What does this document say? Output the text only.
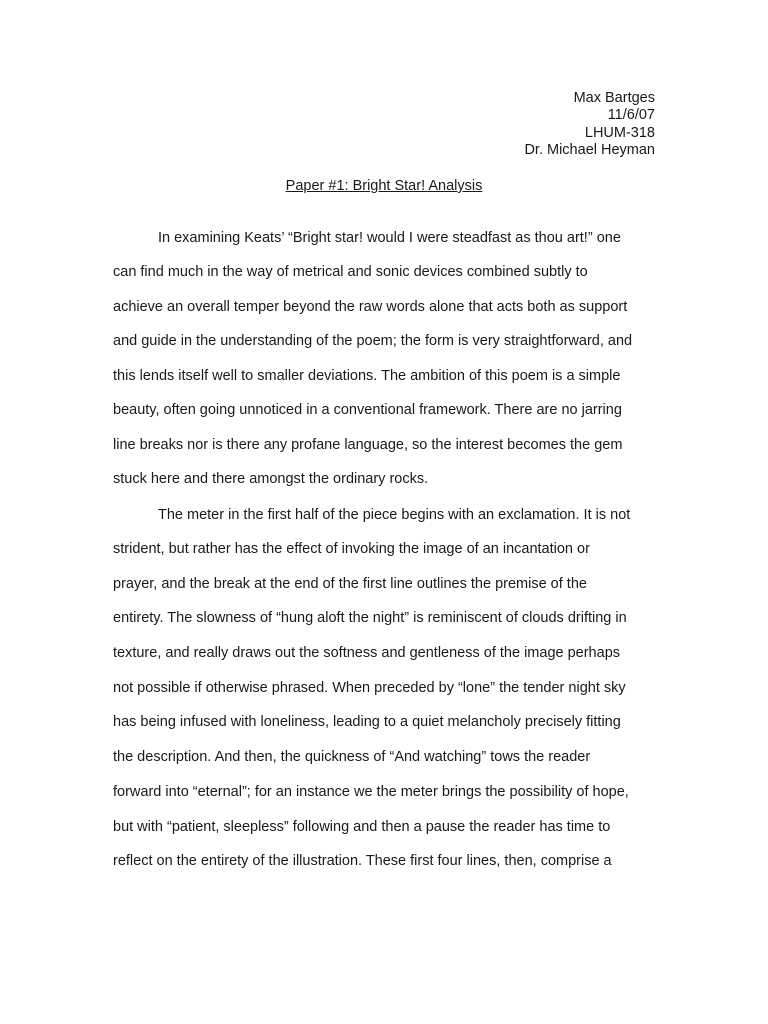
Max Bartges
11/6/07
LHUM-318
Dr. Michael Heyman
Paper #1: Bright Star! Analysis
In examining Keats’ “Bright star! would I were steadfast as thou art!” one
can find much in the way of metrical and sonic devices combined subtly to
achieve an overall temper beyond the raw words alone that acts both as support
and guide in the understanding of the poem; the form is very straightforward, and
this lends itself well to smaller deviations. The ambition of this poem is a simple
beauty, often going unnoticed in a conventional framework. There are no jarring
line breaks nor is there any profane language, so the interest becomes the gem
stuck here and there amongst the ordinary rocks.
The meter in the first half of the piece begins with an exclamation. It is not
strident, but rather has the effect of invoking the image of an incantation or
prayer, and the break at the end of the first line outlines the premise of the
entirety. The slowness of “hung aloft the night” is reminiscent of clouds drifting in
texture, and really draws out the softness and gentleness of the image perhaps
not possible if otherwise phrased. When preceded by “lone” the tender night sky
has being infused with loneliness, leading to a quiet melancholy precisely fitting
the description. And then, the quickness of “And watching” tows the reader
forward into “eternal”; for an instance we the meter brings the possibility of hope,
but with “patient, sleepless” following and then a pause the reader has time to
reflect on the entirety of the illustration. These first four lines, then, comprise a
